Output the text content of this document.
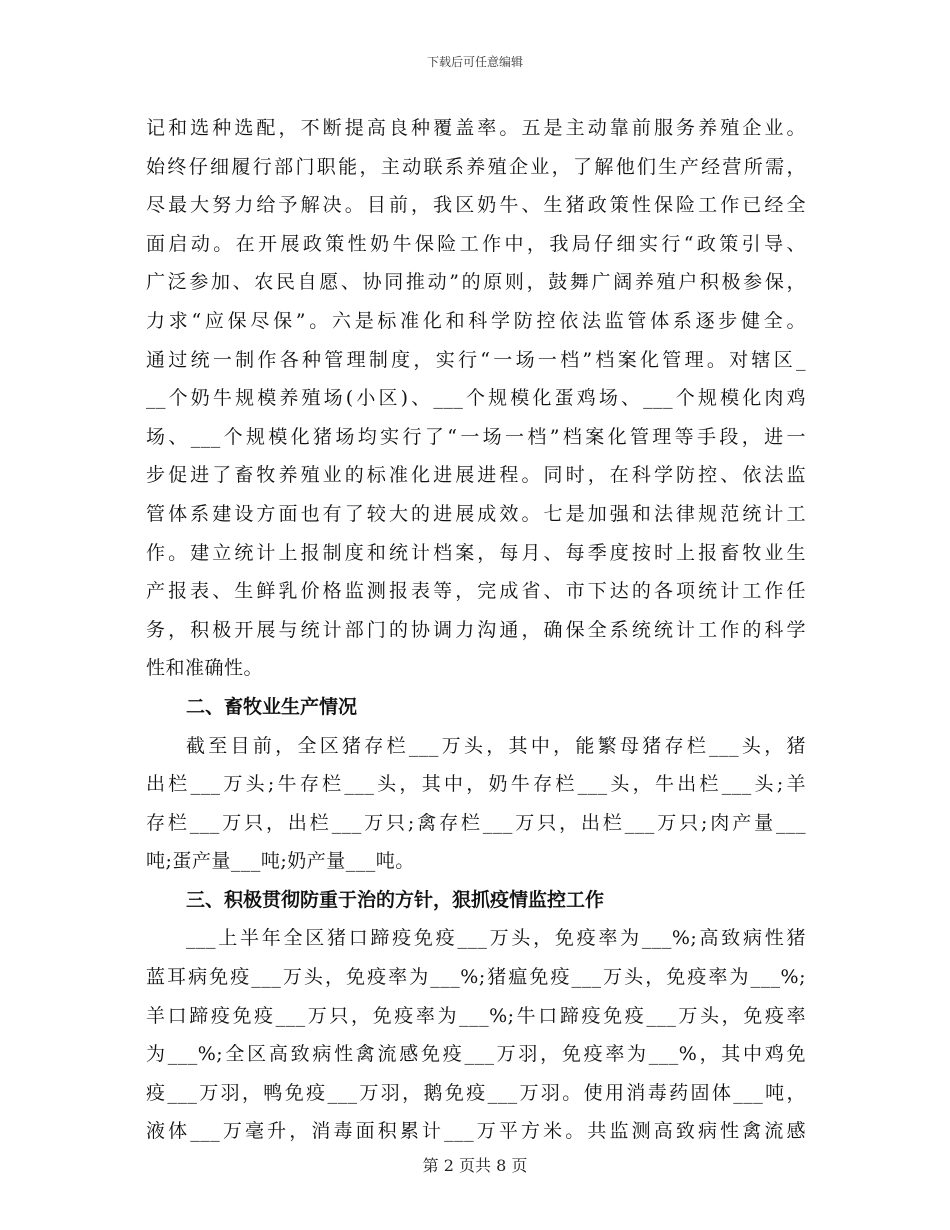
下载后可任意编辑
记和选种选配，不断提高良种覆盖率。五是主动靠前服务养殖企业。
始终仔细履行部门职能，主动联系养殖企业，了解他们生产经营所需，
尽最大努力给予解决。目前，我区奶牛、生猪政策性保险工作已经全
面启动。在开展政策性奶牛保险工作中，我局仔细实行“政策引导、
广泛参加、农民自愿、协同推动”的原则，鼓舞广阔养殖户积极参保，
力求“应保尽保”。六是标准化和科学防控依法监管体系逐步健全。
通过统一制作各种管理制度，实行“一场一档”档案化管理。对辖区_
__个奶牛规模养殖场(小区)、___个规模化蛋鸡场、___个规模化肉鸡
场、___个规模化猪场均实行了“一场一档”档案化管理等手段，进一
步促进了畜牧养殖业的标准化进展进程。同时，在科学防控、依法监
管体系建设方面也有了较大的进展成效。七是加强和法律规范统计工
作。建立统计上报制度和统计档案，每月、每季度按时上报畜牧业生
产报表、生鲜乳价格监测报表等，完成省、市下达的各项统计工作任
务，积极开展与统计部门的协调力沟通，确保全系统统计工作的科学
性和准确性。
二、畜牧业生产情况
截至目前，全区猪存栏___万头，其中，能繁母猪存栏___头，猪
出栏___万头;牛存栏___头，其中，奶牛存栏___头，牛出栏___头;羊
存栏___万只，出栏___万只;禽存栏___万只，出栏___万只;肉产量___
吨;蛋产量___吨;奶产量___吨。
三、积极贯彻防重于治的方针，狠抓疫情监控工作
___上半年全区猪口蹄疫免疫___万头，免疫率为___%;高致病性猪
蓝耳病免疫___万头，免疫率为___%;猪瘟免疫___万头，免疫率为___%;
羊口蹄疫免疫___万只，免疫率为___%;牛口蹄疫免疫___万头，免疫率
为___%;全区高致病性禽流感免疫___万羽，免疫率为___%，其中鸡免
疫___万羽，鸭免疫___万羽，鹅免疫___万羽。使用消毒药固体___吨，
液体___万毫升，消毒面积累计___万平方米。共监测高致病性禽流感
第 2 页共 8 页
